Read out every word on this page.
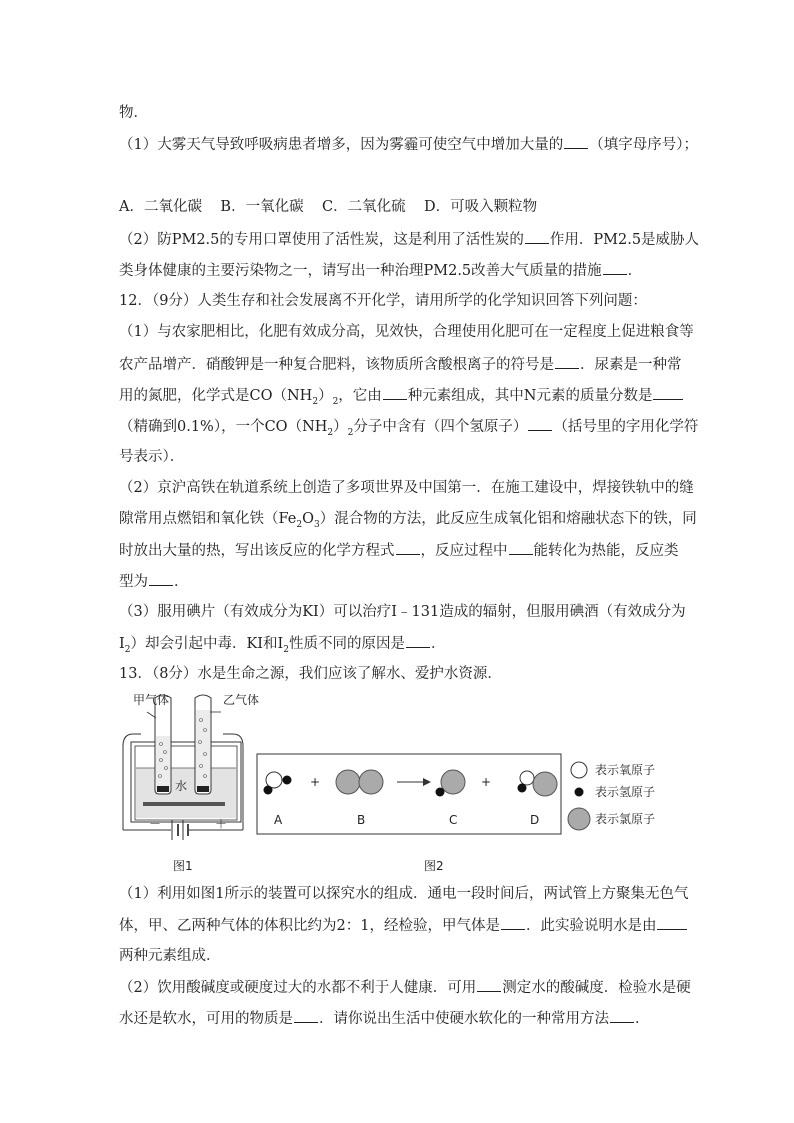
物．
（1）大雾天气导致呼吸病患者增多，因为雾霾可使空气中增加大量的 （填字母序号）；
A．二氧化碳    B．一氧化碳    C．二氧化硫    D．可吸入颗粒物
（2）防PM2.5的专用口罩使用了活性炭，这是利用了活性炭的 作用．PM2.5是威胁人
类身体健康的主要污染物之一，请写出一种治理PM2.5改善大气质量的措施 ．
12．（9分）人类生存和社会发展离不开化学，请用所学的化学知识回答下列问题：
（1）与农家肥相比，化肥有效成分高，见效快，合理使用化肥可在一定程度上促进粮食等
农产品增产．硝酸钾是一种复合肥料，该物质所含酸根离子的符号是 ．尿素是一种常
用的氮肥，化学式是$CO(NH_2)_2$，它由 种元素组成，其中N元素的质量分数是
（精确到0.1%），一个$CO(NH_2)_2$分子中含有（四个氢原子） （括号里的字用化学符
号表示）．
（2）京沪高铁在轨道系统上创造了多项世界及中国第一．在施工建设中，焊接铁轨中的缝
隙常用点燃铝和氧化铁$(Fe_2O_3)$混合物的方法，此反应生成氧化铝和熔融状态下的铁，同
时放出大量的热，写出该反应的化学方程式 ，反应过程中 能转化为热能，反应类
型为 ．
（3）服用碘片（有效成分为KI）可以治疗I﹣131造成的辐射，但服用碘酒（有效成分为
$I_2$）却会引起中毒．KI和$I_2$性质不同的原因是 ．
13．（8分）水是生命之源，我们应该了解水、爱护水资源．
甲气体	乙气体
水
－	＋
图1
+	+
A	B	C	D
表示氧原子
表示氢原子
表示氯原子
图2
（1）利用如图1所示的装置可以探究水的组成．通电一段时间后，两试管上方聚集无色气
体，甲、乙两种气体的体积比约为2：1，经检验，甲气体是 ．此实验说明水是由
两种元素组成．
（2）饮用酸碱度或硬度过大的水都不利于人健康．可用 测定水的酸碱度．检验水是硬
水还是软水，可用的物质是 ．请你说出生活中使硬水软化的一种常用方法 ．
